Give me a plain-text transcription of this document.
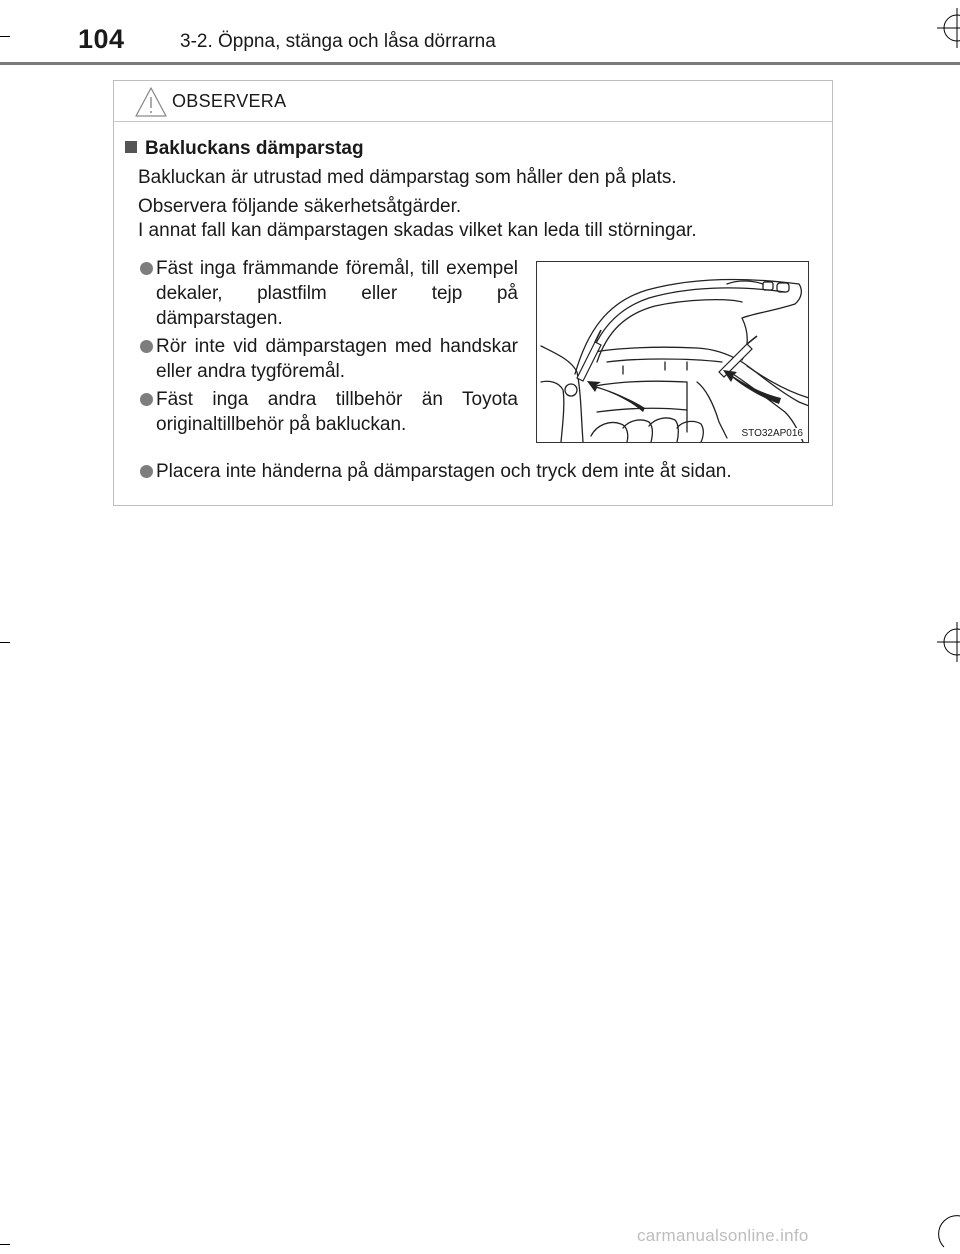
104	3-2. Öppna, stänga och låsa dörrarna
OBSERVERA
Bakluckans dämparstag
Bakluckan är utrustad med dämparstag som håller den på plats.
Observera följande säkerhetsåtgärder.
I annat fall kan dämparstagen skadas vilket kan leda till störningar.
Fäst inga främmande föremål, till exempel dekaler, plastfilm eller tejp på dämparstagen.
Rör inte vid dämparstagen med handskar eller andra tygföremål.
Fäst inga andra tillbehör än Toyota originaltillbehör på bakluckan.
Placera inte händerna på dämparstagen och tryck dem inte åt sidan.
STO32AP016
carmanualsonline.info
